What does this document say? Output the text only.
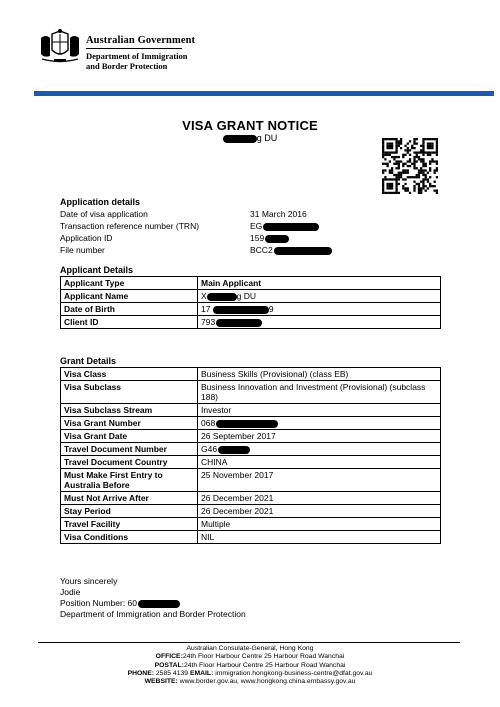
Australian Government
Department of Immigration
and Border Protection
VISA GRANT NOTICE
g DU
Application details
Date of visa application	31 March 2016
Transaction reference number (TRN)	EG
Application ID	159
File number	BCC2
Applicant Details
Applicant Type	Main Applicant
Applicant Name	X g DU
Date of Birth	17 9
Client ID	793
Grant Details
Visa Class	Business Skills (Provisional) (class EB)
Visa Subclass	Business Innovation and Investment (Provisional) (subclass 188)
Visa Subclass Stream	Investor
Visa Grant Number	068
Visa Grant Date	26 September 2017
Travel Document Number	G46
Travel Document Country	CHINA
Must Make First Entry to Australia Before	25 November 2017
Must Not Arrive After	26 December 2021
Stay Period	26 December 2021
Travel Facility	Multiple
Visa Conditions	NIL
Yours sincerely
Jodie
Position Number: 60
Department of Immigration and Border Protection
Australian Consulate-General, Hong Kong
OFFICE:24th Floor Harbour Centre 25 Harbour Road Wanchai
POSTAL:24th Floor Harbour Centre 25 Harbour Road Wanchai
PHONE: 2585 4139 EMAIL: immigration.hongkong-business-centre@dfat.gov.au
WEBSITE: www.border.gov.au, www.hongkong.china.embassy.gov.au
